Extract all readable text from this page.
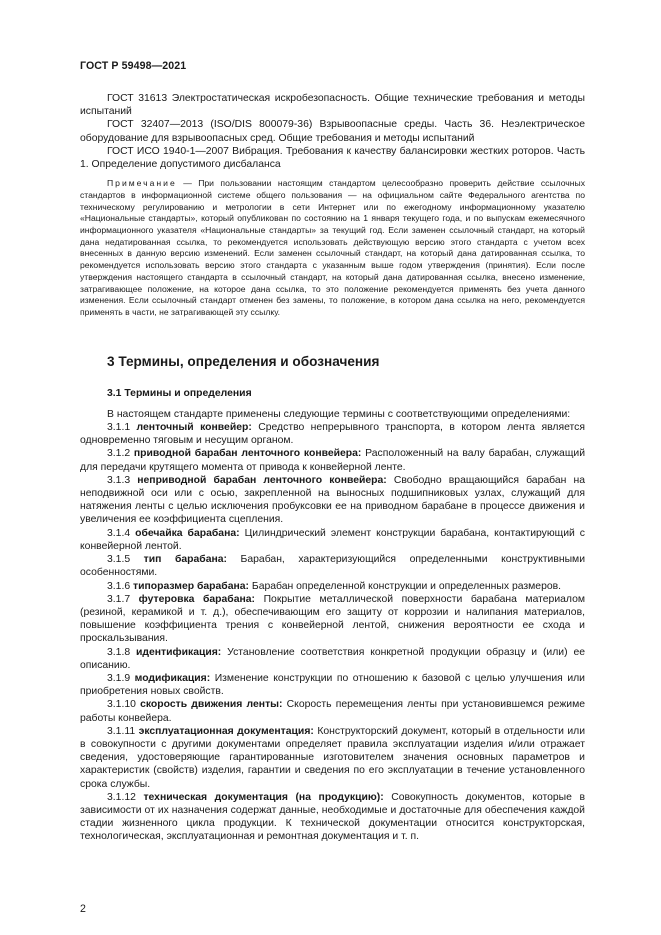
ГОСТ Р 59498—2021

ГОСТ 31613 Электростатическая искробезопасность. Общие технические требования и методы испытаний

ГОСТ 32407—2013 (ISO/DIS 800079-36) Взрывоопасные среды. Часть 36. Неэлектрическое оборудование для взрывоопасных сред. Общие требования и методы испытаний

ГОСТ ИСО 1940-1—2007 Вибрация. Требования к качеству балансировки жестких роторов. Часть 1. Определение допустимого дисбаланса

Примечание — При пользовании настоящим стандартом целесообразно проверить действие ссылочных стандартов в информационной системе общего пользования — на официальном сайте Федерального агентства по техническому регулированию и метрологии в сети Интернет или по ежегодному информационному указателю «Национальные стандарты», который опубликован по состоянию на 1 января текущего года, и по выпускам ежемесячного информационного указателя «Национальные стандарты» за текущий год. Если заменен ссылочный стандарт, на который дана недатированная ссылка, то рекомендуется использовать действующую версию этого стандарта с учетом всех внесенных в данную версию изменений. Если заменен ссылочный стандарт, на который дана датированная ссылка, то рекомендуется использовать версию этого стандарта с указанным выше годом утверждения (принятия). Если после утверждения настоящего стандарта в ссылочный стандарт, на который дана датированная ссылка, внесено изменение, затрагивающее положение, на которое дана ссылка, то это положение рекомендуется применять без учета данного изменения. Если ссылочный стандарт отменен без замены, то положение, в котором дана ссылка на него, рекомендуется применять в части, не затрагивающей эту ссылку.

3 Термины, определения и обозначения

3.1 Термины и определения

В настоящем стандарте применены следующие термины с соответствующими определениями:

3.1.1 ленточный конвейер: Средство непрерывного транспорта, в котором лента является одновременно тяговым и несущим органом.

3.1.2 приводной барабан ленточного конвейера: Расположенный на валу барабан, служащий для передачи крутящего момента от привода к конвейерной ленте.

3.1.3 неприводной барабан ленточного конвейера: Свободно вращающийся барабан на неподвижной оси или с осью, закрепленной на выносных подшипниковых узлах, служащий для натяжения ленты с целью исключения пробуксовки ее на приводном барабане в процессе движения и увеличения ее коэффициента сцепления.

3.1.4 обечайка барабана: Цилиндрический элемент конструкции барабана, контактирующий с конвейерной лентой.

3.1.5 тип барабана: Барабан, характеризующийся определенными конструктивными особенностями.

3.1.6 типоразмер барабана: Барабан определенной конструкции и определенных размеров.

3.1.7 футеровка барабана: Покрытие металлической поверхности барабана материалом (резиной, керамикой и т. д.), обеспечивающим его защиту от коррозии и налипания материалов, повышение коэффициента трения с конвейерной лентой, снижения вероятности ее схода и проскальзывания.

3.1.8 идентификация: Установление соответствия конкретной продукции образцу и (или) ее описанию.

3.1.9 модификация: Изменение конструкции по отношению к базовой с целью улучшения или приобретения новых свойств.

3.1.10 скорость движения ленты: Скорость перемещения ленты при установившемся режиме работы конвейера.

3.1.11 эксплуатационная документация: Конструкторский документ, который в отдельности или в совокупности с другими документами определяет правила эксплуатации изделия и/или отражает сведения, удостоверяющие гарантированные изготовителем значения основных параметров и характеристик (свойств) изделия, гарантии и сведения по его эксплуатации в течение установленного срока службы.

3.1.12 техническая документация (на продукцию): Совокупность документов, которые в зависимости от их назначения содержат данные, необходимые и достаточные для обеспечения каждой стадии жизненного цикла продукции. К технической документации относится конструкторская, технологическая, эксплуатационная и ремонтная документация и т. п.

2
